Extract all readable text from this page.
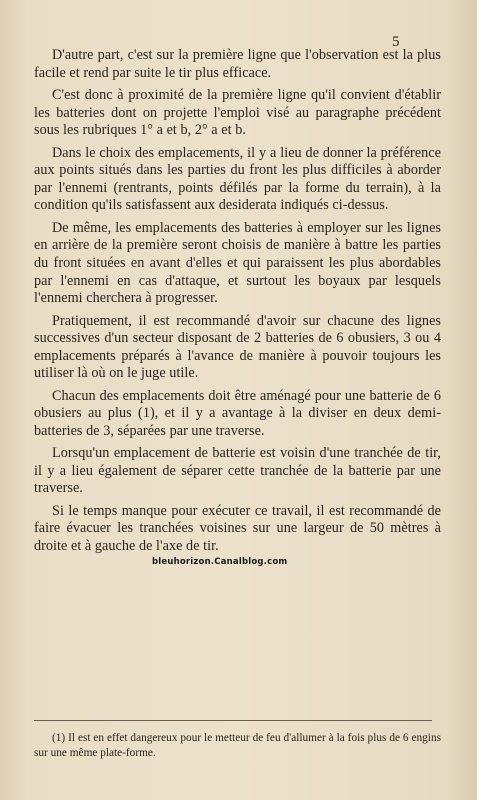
5

D'autre part, c'est sur la première ligne que l'observation est la plus facile et rend par suite le tir plus efficace.

C'est donc à proximité de la première ligne qu'il convient d'établir les batteries dont on projette l'emploi visé au paragraphe précédent sous les rubriques 1° a et b, 2° a et b.

Dans le choix des emplacements, il y a lieu de donner la préférence aux points situés dans les parties du front les plus difficiles à aborder par l'ennemi (rentrants, points défilés par la forme du terrain), à la condition qu'ils satisfassent aux desiderata indiqués ci-dessus.

De même, les emplacements des batteries à employer sur les lignes en arrière de la première seront choisis de manière à battre les parties du front situées en avant d'elles et qui paraissent les plus abordables par l'ennemi en cas d'attaque, et surtout les boyaux par lesquels l'ennemi cherchera à progresser.

Pratiquement, il est recommandé d'avoir sur chacune des lignes successives d'un secteur disposant de 2 batteries de 6 obusiers, 3 ou 4 emplacements préparés à l'avance de manière à pouvoir toujours les utiliser là où on le juge utile.

Chacun des emplacements doit être aménagé pour une batterie de 6 obusiers au plus (1), et il y a avantage à la diviser en deux demi-batteries de 3, séparées par une traverse.

Lorsqu'un emplacement de batterie est voisin d'une tranchée de tir, il y a lieu également de séparer cette tranchée de la batterie par une traverse.

Si le temps manque pour exécuter ce travail, il est recommandé de faire évacuer les tranchées voisines sur une largeur de 50 mètres à droite et à gauche de l'axe de tir.

bleuhorizon.Canalblog.com
(1) Il est en effet dangereux pour le metteur de feu d'allumer à la fois plus de 6 engins sur une même plate-forme.
